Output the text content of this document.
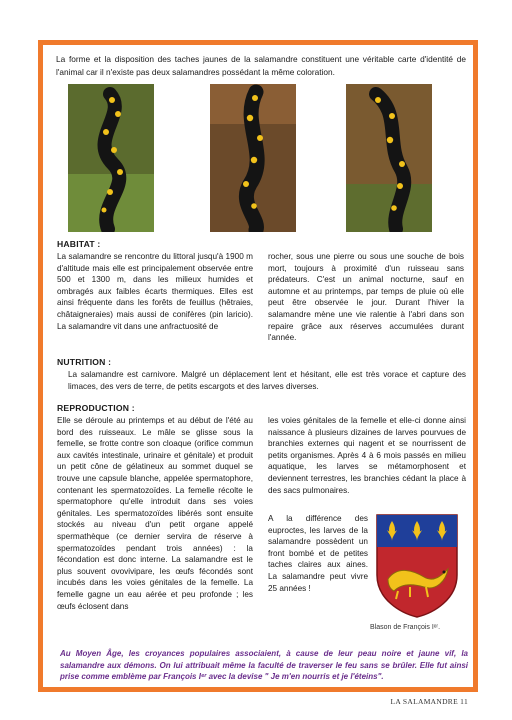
La forme et la disposition des taches jaunes de la salamandre constituent une véritable carte d'identité de l'animal car il n'existe pas deux salamandres possédant la même coloration.

HABITAT :

La salamandre se rencontre du littoral jusqu'à 1900 m d'altitude mais elle est principalement observée entre 500 et 1300 m, dans les milieux humides et ombragés aux faibles écarts thermiques. Elles est ainsi fréquente dans les forêts de feuillus (hêtraies, châtaigneraies) mais aussi de conifères (pin laricio). La salamandre vit dans une anfractuosité de

rocher, sous une pierre ou sous une souche de bois mort, toujours à proximité d'un ruisseau sans prédateurs. C'est un animal nocturne, sauf en automne et au printemps, par temps de pluie où elle peut être observée le jour. Durant l'hiver la salamandre mène une vie ralentie à l'abri dans son repaire grâce aux réserves accumulées durant l'année.

NUTRITION :

La salamandre est carnivore. Malgré un déplacement lent et hésitant, elle est très vorace et capture des limaces, des vers de terre, de petits escargots et des larves diverses.

REPRODUCTION :

Elle se déroule au printemps et au début de l'été au bord des ruisseaux. Le mâle se glisse sous la femelle, se frotte contre son cloaque (orifice commun aux cavités intestinale, urinaire et génitale) et produit un petit cône de gélatineux au sommet duquel se trouve une capsule blanche, appelée spermatophore, contenant les spermatozoïdes. La femelle récolte le spermatophore qu'elle introduit dans ses voies génitales. Les spermatozoïdes libérés sont ensuite stockés au niveau d'un petit organe appelé spermathèque (ce dernier servira de réserve à spermatozoïdes pendant trois années) : la fécondation est donc interne. La salamandre est le plus souvent ovovivipare, les œufs fécondés sont incubés dans les voies génitales de la femelle. La femelle gagne un eau aérée et peu profonde ; les œufs éclosent dans

les voies génitales de la femelle et elle-ci donne ainsi naissance à plusieurs dizaines de larves pourvues de branchies externes qui nagent et se nourrissent de petits organismes. Après 4 à 6 mois passés en milieu aquatique, les larves se métamorphosent et deviennent terrestres, les branchies cédant la place à des sacs pulmonaires.

A la différence des euproctes, les larves de la salamandre possèdent un front bombé et de petites taches claires aux aines. La salamandre peut vivre 25 années !

Blason de François Iᵉʳ.

Au Moyen Âge, les croyances populaires associaient, à cause de leur peau noire et jaune vif, la salamandre aux démons. On lui attribuait même la faculté de traverser le feu sans se brûler. Elle fut ainsi prise comme emblème par François Iᵉʳ avec la devise " Je m'en nourris et je l'éteins".

LA SALAMANDRE 11
